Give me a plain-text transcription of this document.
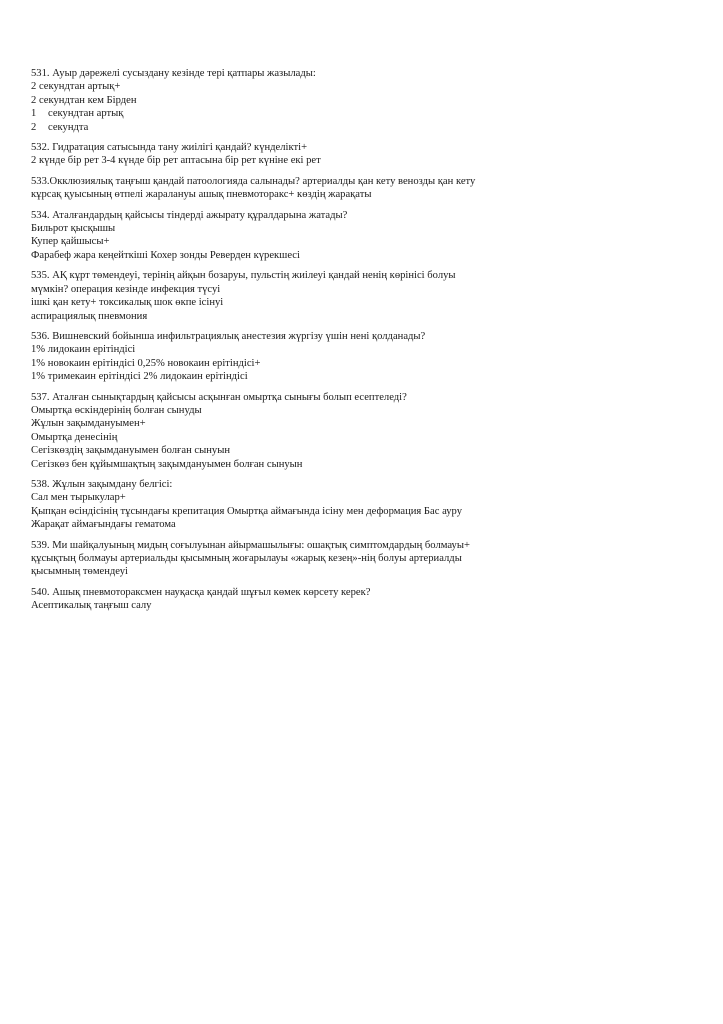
531. Ауыр дәрежелі сусыздану кезінде тері қатпары жазылады:
2 секундтан артық+
2 секундтан кем Бірден
1	секундтан артық
2	секундта
532. Гидратация сатысында тану жиілігі қандай? күнделікті+
2 күнде бір рет 3-4 күнде бір рет аптасына бір рет күніне екі рет
533.Окклюзиялық таңғыш қандай патоологияда салынады? артериалды қан кету венозды қан кету
кұрсақ қуысының өтпелі жаралануы ашық пневмоторакс+ көздің жарақаты
534. Аталғандардың қайсысы тіндерді ажырату құралдарына жатады?
Бильрот қысқышы
Купер қайшысы+
Фарабеф жара кеңейткіші Кохер зонды Реверден күрекшесі
535. АҚ кұрт төмендеуі, терінің айқын бозаруы, пульстің жиілеуі қандай ненің көрінісі болуы
мүмкін? операция кезінде инфекция түсуі
ішкі қан кету+ токсикалық шок өкпе ісінуі
аспирациялық пневмония
536. Вишневский бойынша инфильтрациялық анестезия жүргізу үшін нені қолданады?
1% лидокаин ерітіндісі
1% новокаин ерітіндісі 0,25% новокаин ерітіндісі+
1% тримекаин ерітіндісі 2% лидокаин ерітіндісі
537. Аталған сынықтардың қайсысы асқынған омыртқа сынығы болып есептеледі?
Омыртқа өскіндерінің болған сынуды
Жұлын зақымдануымен+
Омыртқа денесінің
Сегізкөздің зақымдануымен болған сынуын
Сегізкөз бен құйымшақтың зақымдануымен болған сынуын
538. Жұлын зақымдану белгісі:
Сал мен тырыкулар+
Қыпқан өсіндісінің тұсындағы крепитация Омыртқа аймағында ісіну мен деформация Бас ауру
Жарақат аймағындағы гематома
539. Ми шайқалуының мидың соғылуынан айырмашылығы: ошақтық симптомдардың болмауы+
құсықтың болмауы артериальды қысымның жоғарылауы «жарық кезең»-нің болуы артериалды
қысымның төмендеуі
540. Ашық пневмотораксмен науқасқа қандай шұғыл көмек көрсету керек?
Асептикалық таңғыш салу
